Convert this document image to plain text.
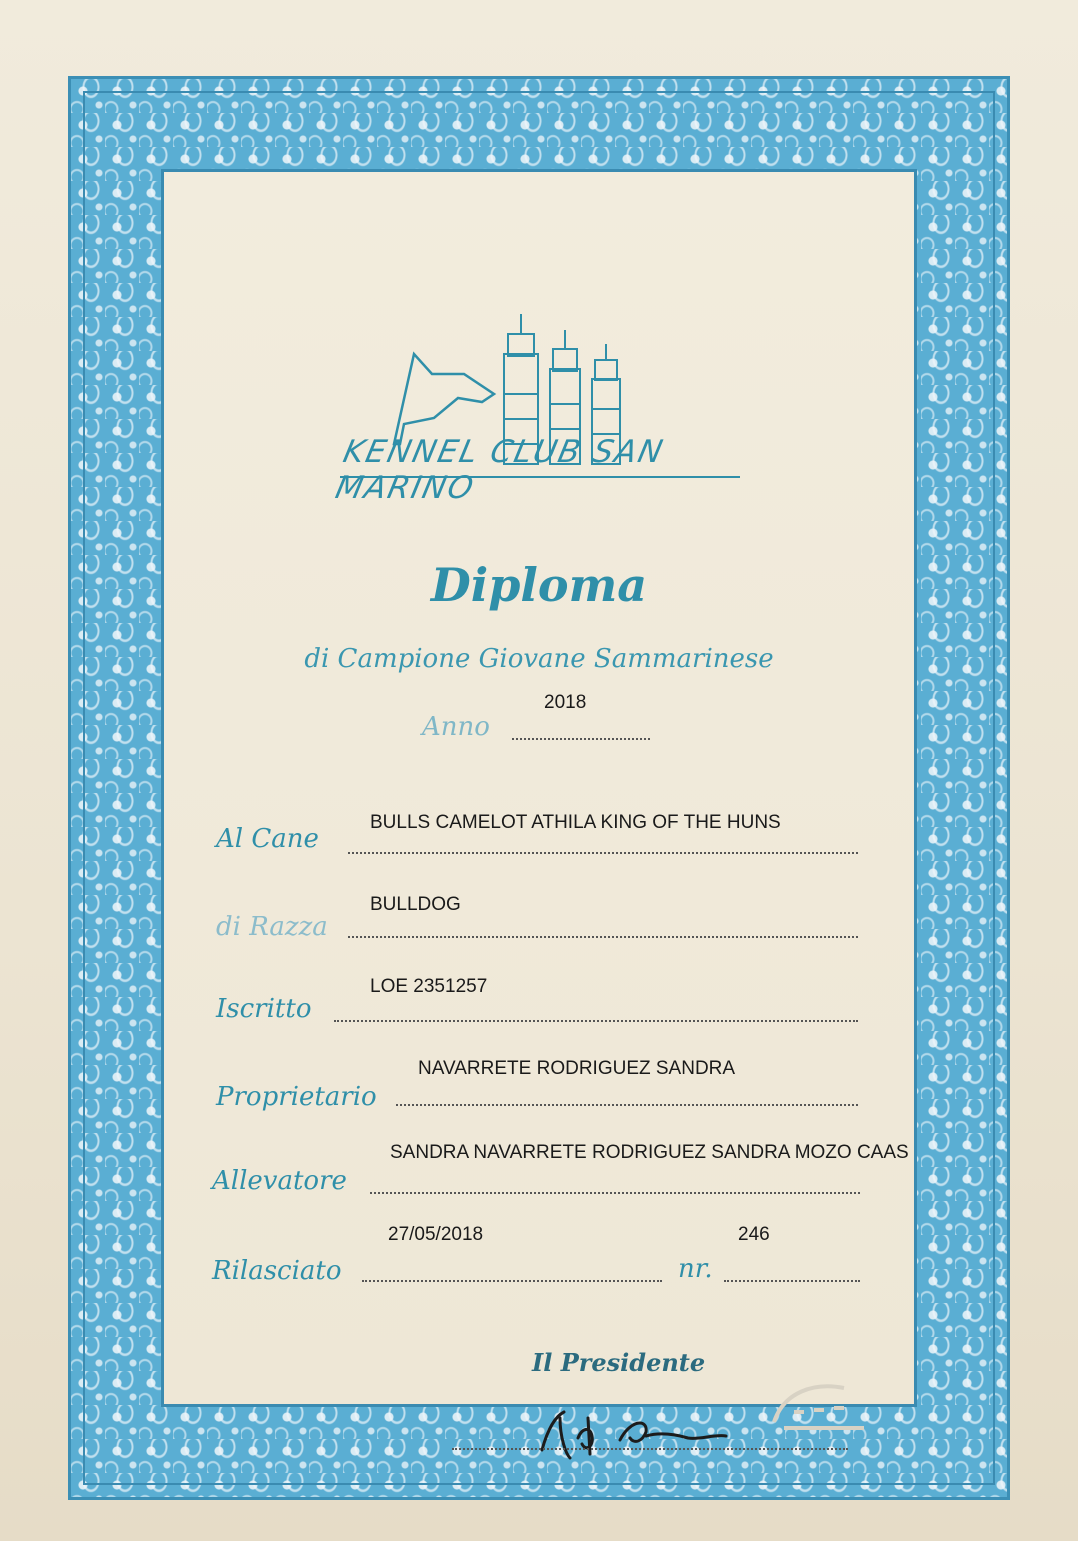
KENNEL CLUB SAN MARINO
Diploma
di Campione Giovane Sammarinese
Anno
2018
Al Cane
BULLS CAMELOT ATHILA KING OF THE HUNS
di Razza
BULLDOG
Iscritto
LOE 2351257
Proprietario
NAVARRETE RODRIGUEZ SANDRA
Allevatore
SANDRA NAVARRETE RODRIGUEZ SANDRA MOZO CAAS
Rilasciato
27/05/2018
nr.
246
Il Presidente
